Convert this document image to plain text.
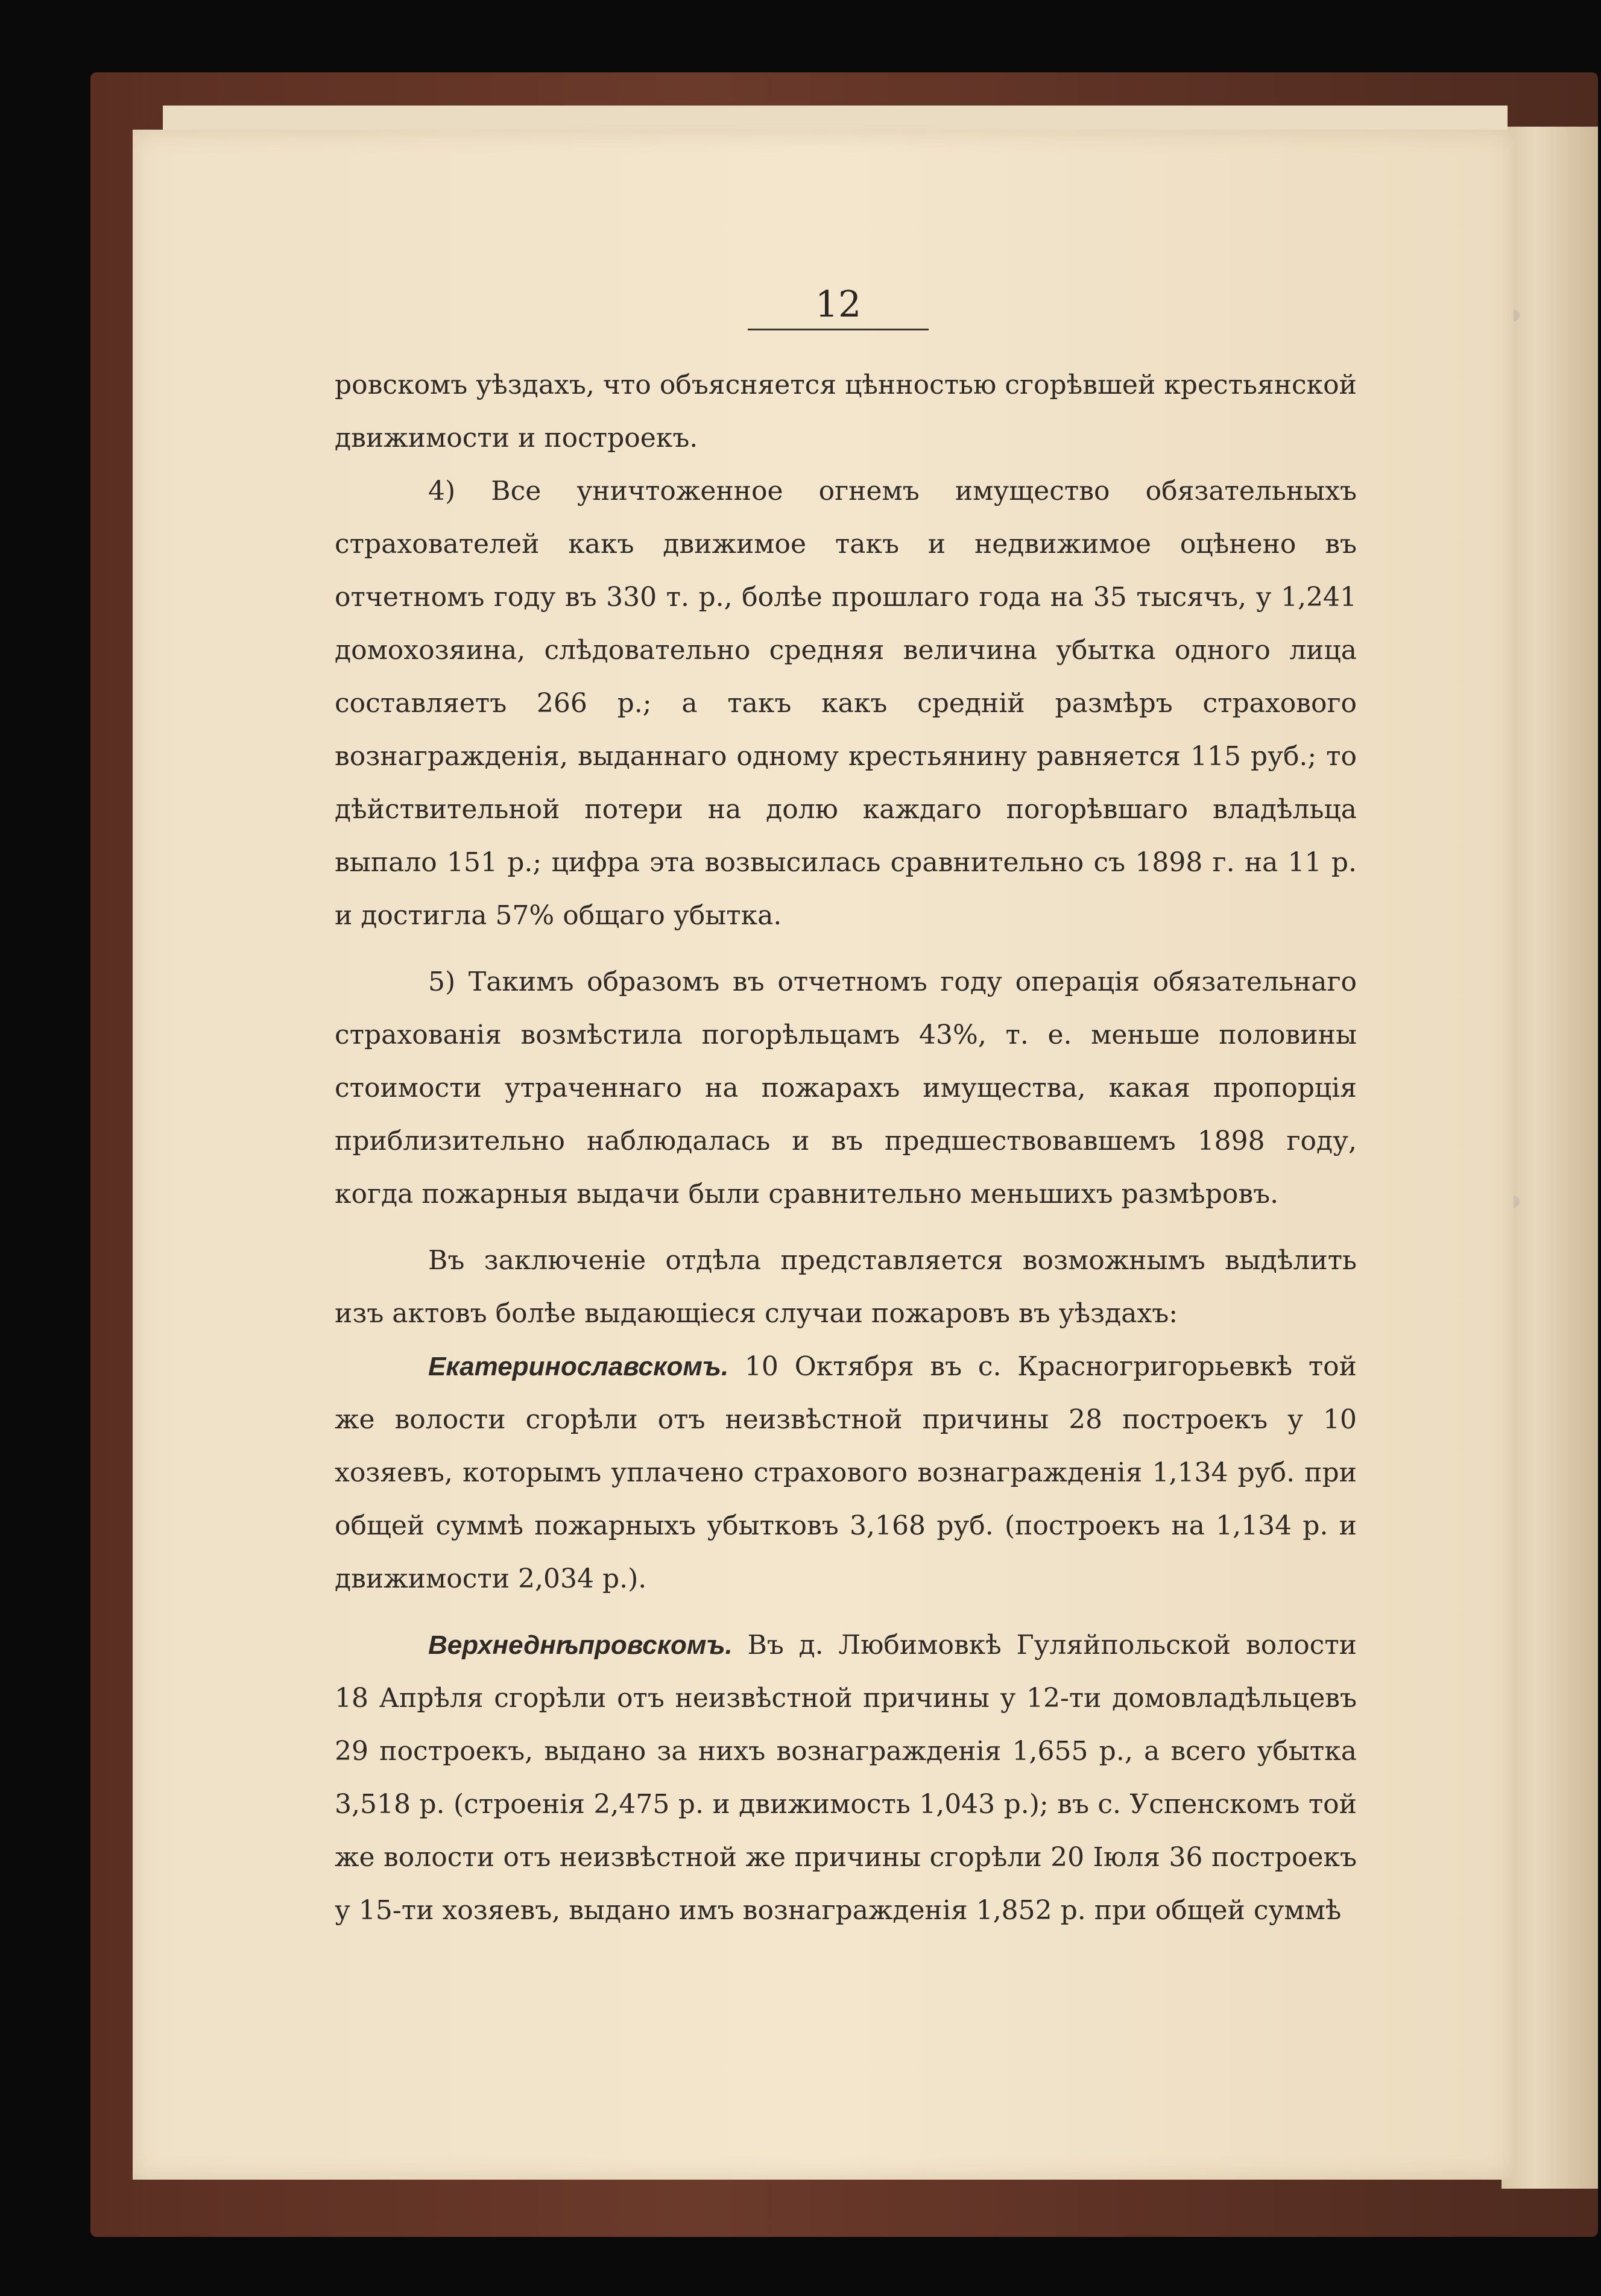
12

ровскомъ уѣздахъ, что объясняется цѣнностью сгорѣвшей крестьянской движимости и построекъ.

4) Все уничтоженное огнемъ имущество обязательныхъ страхователей какъ движимое такъ и недвижимое оцѣнено въ отчетномъ году въ 330 т. р., болѣе прошлаго года на 35 тысячъ, у 1,241 домохозяина, слѣдовательно средняя величина убытка одного лица составляетъ 266 р.; а такъ какъ средній размѣръ страхового вознагражденія, выданнаго одному крестьянину равняется 115 руб.; то дѣйствительной потери на долю каждаго погорѣвшаго владѣльца выпало 151 р.; цифра эта возвысилась сравнительно съ 1898 г. на 11 р. и достигла 57% общаго убытка.

5) Такимъ образомъ въ отчетномъ году операція обязательнаго страхованія возмѣстила погорѣльцамъ 43%, т. е. меньше половины стоимости утраченнаго на пожарахъ имущества, какая пропорція приблизительно наблюдалась и въ предшествовавшемъ 1898 году, когда пожарныя выдачи были сравнительно меньшихъ размѣровъ.

Въ заключеніе отдѣла представляется возможнымъ выдѣлить изъ актовъ болѣе выдающіеся случаи пожаровъ въ уѣздахъ:

Екатеринославскомъ. 10 Октября въ с. Красногригорьевкѣ той же волости сгорѣли отъ неизвѣстной причины 28 построекъ у 10 хозяевъ, которымъ уплачено страхового вознагражденія 1,134 руб. при общей суммѣ пожарныхъ убытковъ 3,168 руб. (построекъ на 1,134 р. и движимости 2,034 р.).

Верхнеднѣпровскомъ. Въ д. Любимовкѣ Гуляйпольской волости 18 Апрѣля сгорѣли отъ неизвѣстной причины у 12-ти домовладѣльцевъ 29 построекъ, выдано за нихъ вознагражденія 1,655 р., а всего убытка 3,518 р. (строенія 2,475 р. и движимость 1,043 р.); въ с. Успенскомъ той же волости отъ неизвѣстной же причины сгорѣли 20 Іюля 36 построекъ у 15-ти хозяевъ, выдано имъ вознагражденія 1,852 р. при общей суммѣ
